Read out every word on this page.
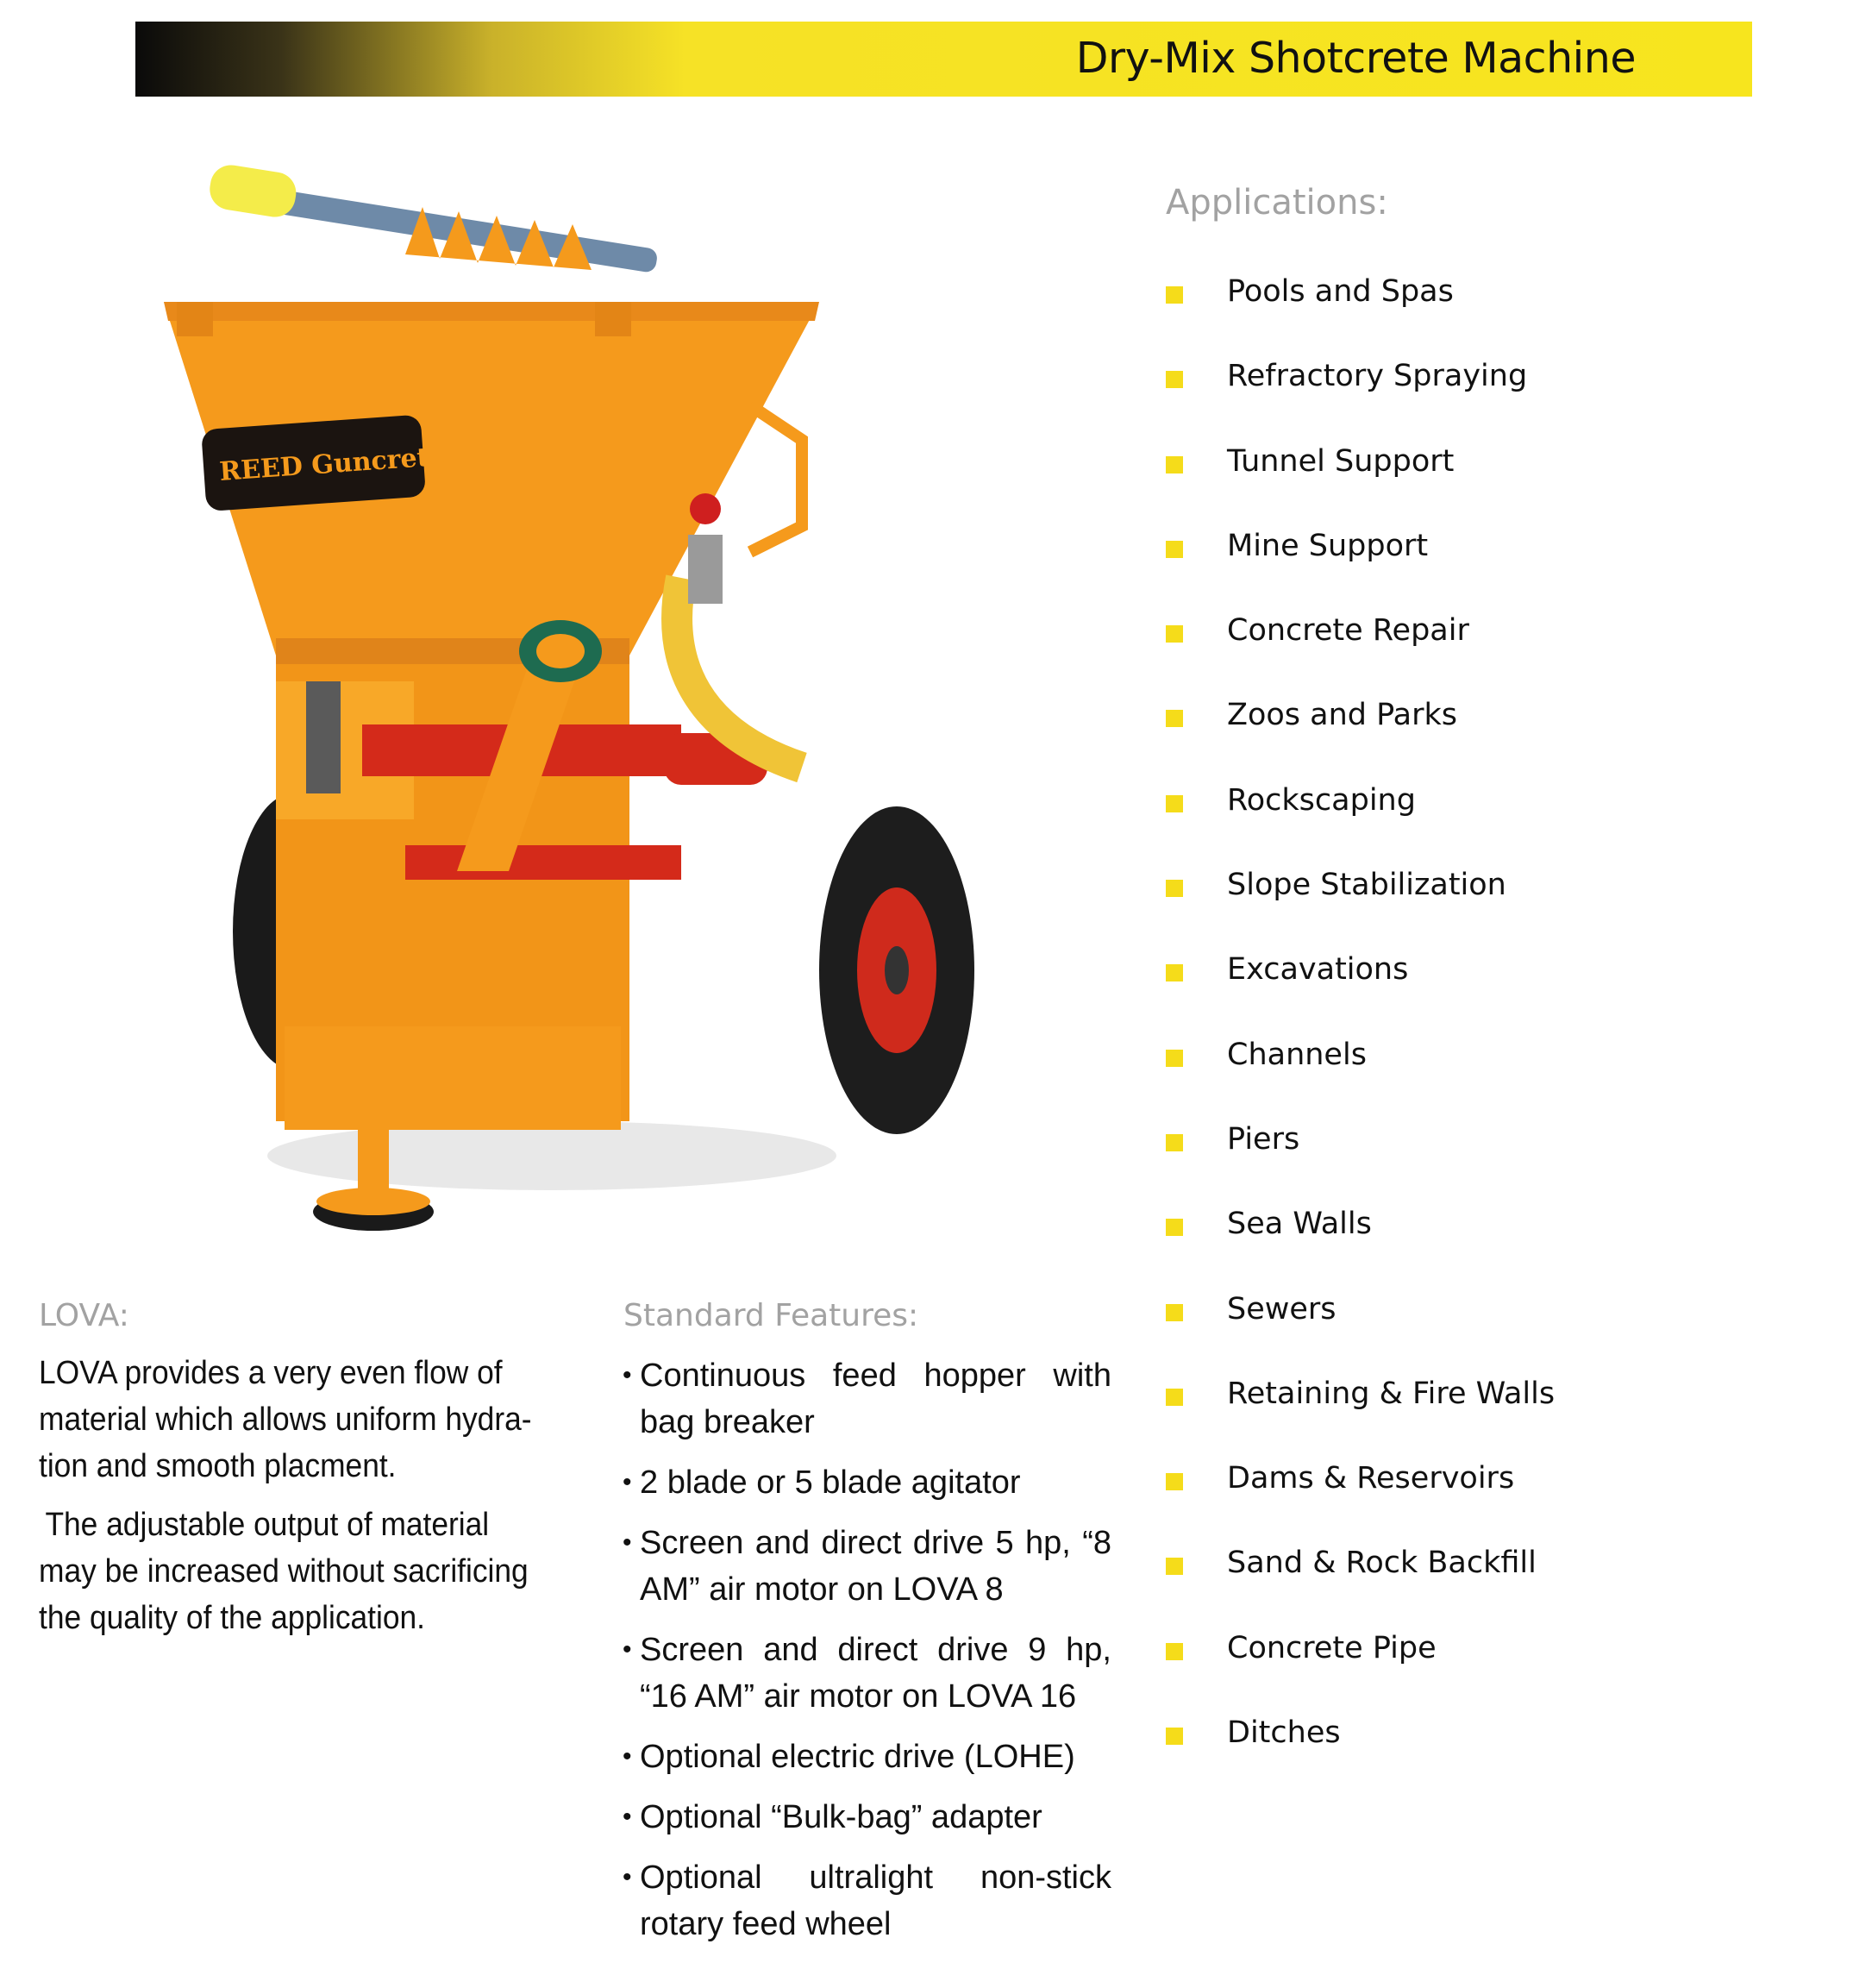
Dry-Mix Shotcrete Machine
REED Guncrete
Applications:
Pools and Spas
Refractory Spraying
Tunnel Support
Mine Support
Concrete Repair
Zoos and Parks
Rockscaping
Slope Stabilization
Excavations
Channels
Piers
Sea Walls
Sewers
Retaining & Fire Walls
Dams & Reservoirs
Sand & Rock Backfill
Concrete Pipe
Ditches
LOVA:

LOVA provides a very even flow of material which allows uniform hydra-tion and smooth placment.

The adjustable output of material may be increased without sacrificing the quality of the application.

Standard Features:
• Continuous feed hopper with bag breaker
• 2 blade or 5 blade agitator
• Screen and direct drive 5 hp, “8 AM” air motor on LOVA 8
• Screen and direct drive 9 hp, “16 AM” air motor on LOVA 16
• Optional electric drive (LOHE)
• Optional “Bulk-bag” adapter
• Optional ultralight non-stick rotary feed wheel
